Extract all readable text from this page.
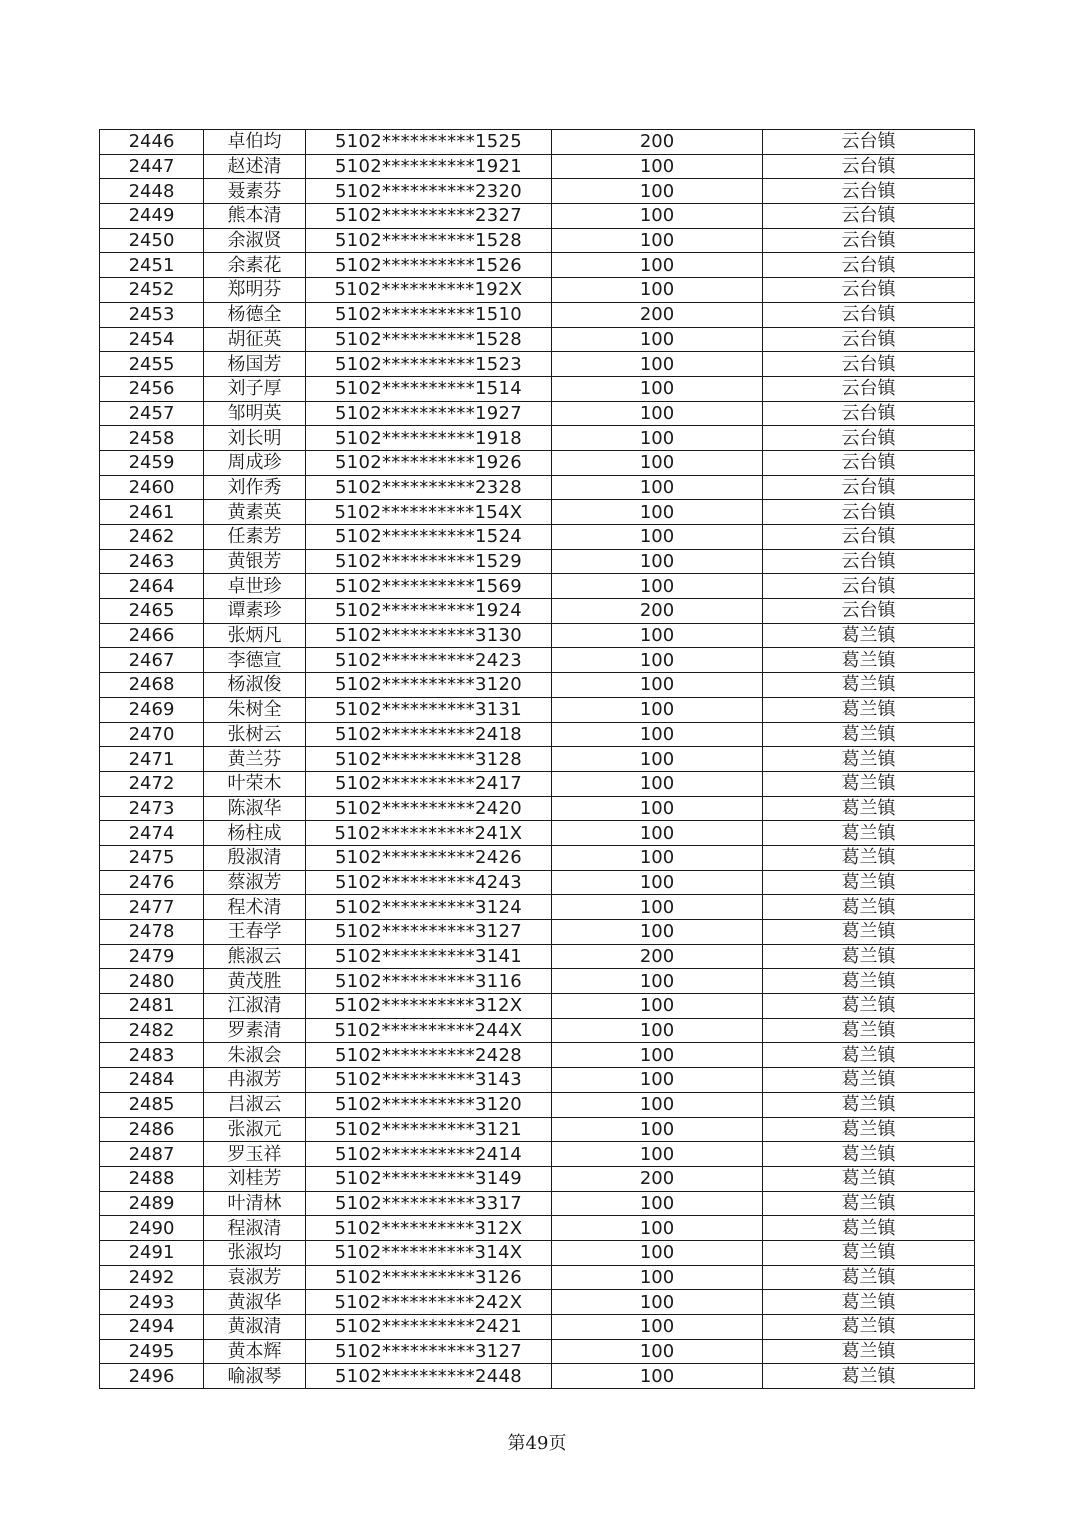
2446	卓伯均	5102**********1525	200	云台镇
2447	赵述清	5102**********1921	100	云台镇
2448	聂素芬	5102**********2320	100	云台镇
2449	熊本清	5102**********2327	100	云台镇
2450	余淑贤	5102**********1528	100	云台镇
2451	余素花	5102**********1526	100	云台镇
2452	郑明芬	5102**********192X	100	云台镇
2453	杨德全	5102**********1510	200	云台镇
2454	胡征英	5102**********1528	100	云台镇
2455	杨国芳	5102**********1523	100	云台镇
2456	刘子厚	5102**********1514	100	云台镇
2457	邹明英	5102**********1927	100	云台镇
2458	刘长明	5102**********1918	100	云台镇
2459	周成珍	5102**********1926	100	云台镇
2460	刘作秀	5102**********2328	100	云台镇
2461	黄素英	5102**********154X	100	云台镇
2462	任素芳	5102**********1524	100	云台镇
2463	黄银芳	5102**********1529	100	云台镇
2464	卓世珍	5102**********1569	100	云台镇
2465	谭素珍	5102**********1924	200	云台镇
2466	张炳凡	5102**********3130	100	葛兰镇
2467	李德宣	5102**********2423	100	葛兰镇
2468	杨淑俊	5102**********3120	100	葛兰镇
2469	朱树全	5102**********3131	100	葛兰镇
2470	张树云	5102**********2418	100	葛兰镇
2471	黄兰芬	5102**********3128	100	葛兰镇
2472	叶荣木	5102**********2417	100	葛兰镇
2473	陈淑华	5102**********2420	100	葛兰镇
2474	杨柱成	5102**********241X	100	葛兰镇
2475	殷淑清	5102**********2426	100	葛兰镇
2476	蔡淑芳	5102**********4243	100	葛兰镇
2477	程术清	5102**********3124	100	葛兰镇
2478	王春学	5102**********3127	100	葛兰镇
2479	熊淑云	5102**********3141	200	葛兰镇
2480	黄茂胜	5102**********3116	100	葛兰镇
2481	江淑清	5102**********312X	100	葛兰镇
2482	罗素清	5102**********244X	100	葛兰镇
2483	朱淑会	5102**********2428	100	葛兰镇
2484	冉淑芳	5102**********3143	100	葛兰镇
2485	吕淑云	5102**********3120	100	葛兰镇
2486	张淑元	5102**********3121	100	葛兰镇
2487	罗玉祥	5102**********2414	100	葛兰镇
2488	刘桂芳	5102**********3149	200	葛兰镇
2489	叶清林	5102**********3317	100	葛兰镇
2490	程淑清	5102**********312X	100	葛兰镇
2491	张淑均	5102**********314X	100	葛兰镇
2492	袁淑芳	5102**********3126	100	葛兰镇
2493	黄淑华	5102**********242X	100	葛兰镇
2494	黄淑清	5102**********2421	100	葛兰镇
2495	黄本辉	5102**********3127	100	葛兰镇
2496	喻淑琴	5102**********2448	100	葛兰镇
第49页
